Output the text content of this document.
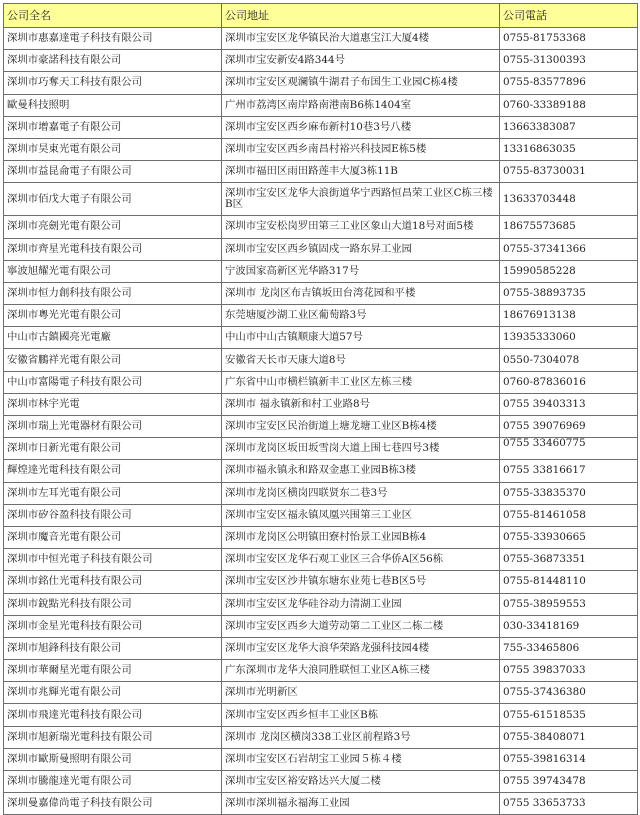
公司全名	公司地址	公司電話
深圳市惠嘉達電子科技有限公司	深圳市宝安区龙华镇民治大道惠宝江大厦4楼	0755-81753368
深圳市豪諾科技有限公司	深圳市宝安新安4路344号	0755-31300393
深圳市巧奪天工科技有限公司	深圳市宝安区观澜镇牛湖君子布国生工业园C栋4楼	0755-83577896
歐曼科技照明	广州市荔湾区南岸路南港南B6栋1404室	0760-33389188
深圳市增嘉電子有限公司	深圳市宝安区西乡麻布新村10巷3号八楼	13663383087
深圳市昊東光電有限公司	深圳市宝安区西乡南昌村裕兴科技园E栋5楼	13316863035
深圳市益昆侖電子有限公司	深圳市福田区雨田路莲丰大厦3栋11B	0755-83730031
深圳市佰戊大電子有限公司	深圳市宝安区龙华大浪街道华宁西路恒昌荣工业区C栋三楼B区	13633703448
深圳市亮劍光電有限公司	深圳市宝安松岗罗田第三工业区象山大道18号对面5楼	18675573685
深圳市齊星光電科技有限公司	深圳市宝安区西乡镇固戍一路东昇工业园	0755-37341366
寧波旭耀光電有限公司	宁波国家高新区光华路317号	15990585228
深圳市恒力創科技有限公司	深圳市 龙岗区布吉镇坂田台湾花园和平楼	0755-38893735
深圳市粵光光電有限公司	东莞塘厦沙湖工业区葡萄路3号	18676913138
中山市古鎮國亮光電廠	中山市中山古镇顺康大道57号	13935333060
安徽省鵬祥光電有限公司	安徽省天长市天康大道8号	0550-7304078
中山市富陽電子科技有限公司	广东省中山市横栏镇新丰工业区左栋三楼	0760-87836016
深圳市林宇光電	深圳市 福永镇新和村工业路8号	0755 39403313
深圳市瑞上光電器材有限公司	深圳市宝安区民治街道上塘龙塘工业区B栋4楼	0755 39076969
深圳市日新光電有限公司	深圳市龙岗区坂田坂雪岗大道上围七巷四号3楼	0755 33460775
輝煌達光電科技有限公司	深圳市福永镇永和路双金惠工业园B栋3楼	0755 33816617
深圳市左耳光電有限公司	深圳市龙岗区横岗四联贤东二巷3号	0755-33835370
深圳市矽谷盈科技有限公司	深圳市宝安区福永镇凤凰兴围第三工业区	0755-81461058
深圳市魔音光電有限公司	深圳市龙岗区公明镇田寮村怡景工业园B栋4	0755-33930665
深圳市中恒光電子科技有限公司	深圳市宝安区龙华石观工业区三合华侨A区56栋	0755-36873351
深圳市銘仕光電科技有限公司	深圳市宝安区沙井镇东塘东业苑七巷B区5号	0755-81448110
深圳市銳點光科技有限公司	深圳市宝安区龙华硅谷动力清湖工业园	0755-38959553
深圳市金星光電科技有限公司	深圳市宝安区西乡大道劳动第二工业区二栋二楼	030-33418169
深圳市旭鋒科技有限公司	深圳市宝安区龙华大浪华荣路龙强科技园4楼	755-33465806
深圳市華爾星光電有限公司	广东深圳市龙华大浪同胜联恒工业区A栋三楼	0755 39837033
深圳市兆輝光電有限公司	深圳市光明新区	0755-37436380
深圳市飛達光電科技有限公司	深圳市宝安区西乡恒丰工业区B栋	0755-61518535
深圳市旭新瑞光電科技有限公司	深圳市 龙岗区横岗338工业区前程路3号	0755-38408071
深圳市歐斯曼照明有限公司	深圳市宝安区石岩胡宝工业园５栋４楼	0755-39816314
深圳市騰龍達光電有限公司	深圳市宝安区裕安路达兴大厦二楼	0755 39743478
深圳曼嘉偉尚電子科技有限公司	深圳市深圳福永福海工业园	0755 33653733
